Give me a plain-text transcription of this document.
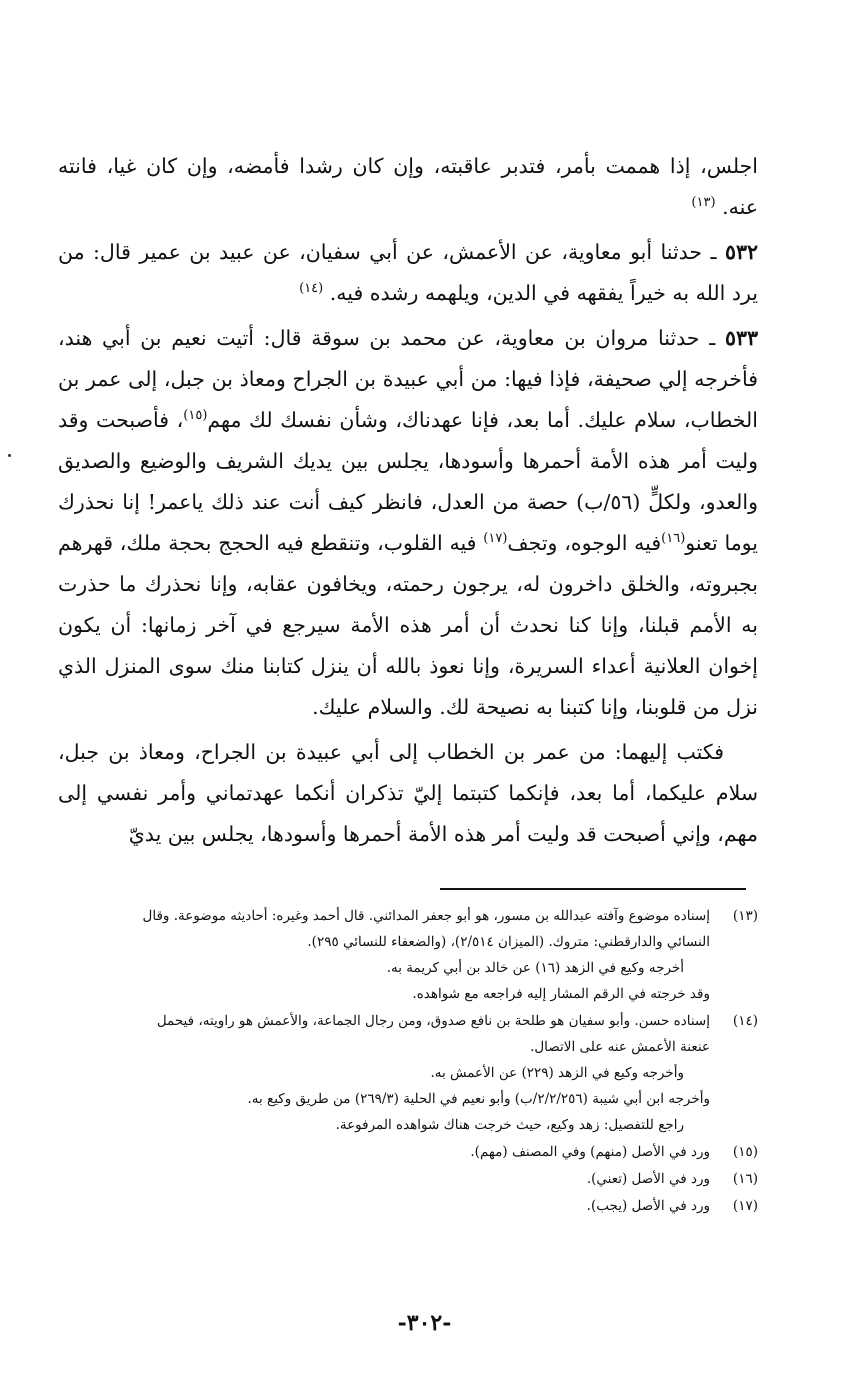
اجلس، إذا هممت بأمر، فتدبر عاقبته، وإن كان رشدا فأمضه، وإن كان غيا، فانته عنه. $^{(١٣)}$

٥٣٢ ـ حدثنا أبو معاوية، عن الأعمش، عن أبي سفيان، عن عبيد بن عمير قال: من يرد الله به خيراً يفقهه في الدين، ويلهمه رشده فيه. $^{(١٤)}$

٥٣٣ ـ حدثنا مروان بن معاوية، عن محمد بن سوقة قال: أتيت نعيم بن أبي هند، فأخرجه إلي صحيفة، فإذا فيها: من أبي عبيدة بن الجراح ومعاذ بن جبل، إلى عمر بن الخطاب، سلام عليك. أما بعد، فإنا عهدناك، وشأن نفسك لك مهم$^{(١٥)}$، فأصبحت وقد وليت أمر هذه الأمة أحمرها وأسودها، يجلس بين يديك الشريف والوضيع والصديق والعدو، ولكلٍّ (٥٦/ب) حصة من العدل، فانظر كيف أنت عند ذلك ياعمر! إنا نحذرك يوما تعنو$^{(١٦)}$فيه الوجوه، وتجف$^{(١٧)}$ فيه القلوب، وتنقطع فيه الحجج بحجة ملك، قهرهم بجبروته، والخلق داخرون له، يرجون رحمته، ويخافون عقابه، وإنا نحذرك ما حذرت به الأمم قبلنا، وإنا كنا نحدث أن أمر هذه الأمة سيرجع في آخر زمانها: أن يكون إخوان العلانية أعداء السريرة، وإنا نعوذ بالله أن ينزل كتابنا منك سوى المنزل الذي نزل من قلوبنا، وإنا كتبنا به نصيحة لك. والسلام عليك.

فكتب إليهما: من عمر بن الخطاب إلى أبي عبيدة بن الجراح، ومعاذ بن جبل، سلام عليكما، أما بعد، فإنكما كتبتما إليّ تذكران أنكما عهدتماني وأمر نفسي إلى مهم، وإني أصبحت قد وليت أمر هذه الأمة أحمرها وأسودها، يجلس بين يديّ

(١٣)
إسناده موضوع وآفته عبدالله بن مسور، هو أبو جعفر المدائني. قال أحمد وغيره: أحاديثه موضوعة. وقال
النسائي والدارقطني: متروك. (الميزان ٢/٥١٤)، (والضعفاء للنسائي ٢٩٥).
أخرجه وكيع في الزهد (١٦) عن خالد بن أبي كريمة به.
وقد خرجته في الرقم المشار إليه فراجعه مع شواهده.
(١٤)
إسناده حسن. وأبو سفيان هو طلحة بن نافع صدوق، ومن رجال الجماعة، والأعمش هو راويته، فيحمل
عنعنة الأعمش عنه على الاتصال.
وأخرجه وكيع في الزهد (٢٢٩) عن الأعمش به.
وأخرجه ابن أبي شيبة (٢/٢/٢٥٦/ب) وأبو نعيم في الحلية (٢٦٩/٣) من طريق وكيع به.
راجع للتفصيل: زهد وكيع، حيث خرجت هناك شواهده المرفوعة.
(١٥)
ورد في الأصل (منهم) وفي المصنف (مهم).
(١٦)
ورد في الأصل (تعني).
(١٧)
ورد في الأصل (يجب).
-٣٠٢-
